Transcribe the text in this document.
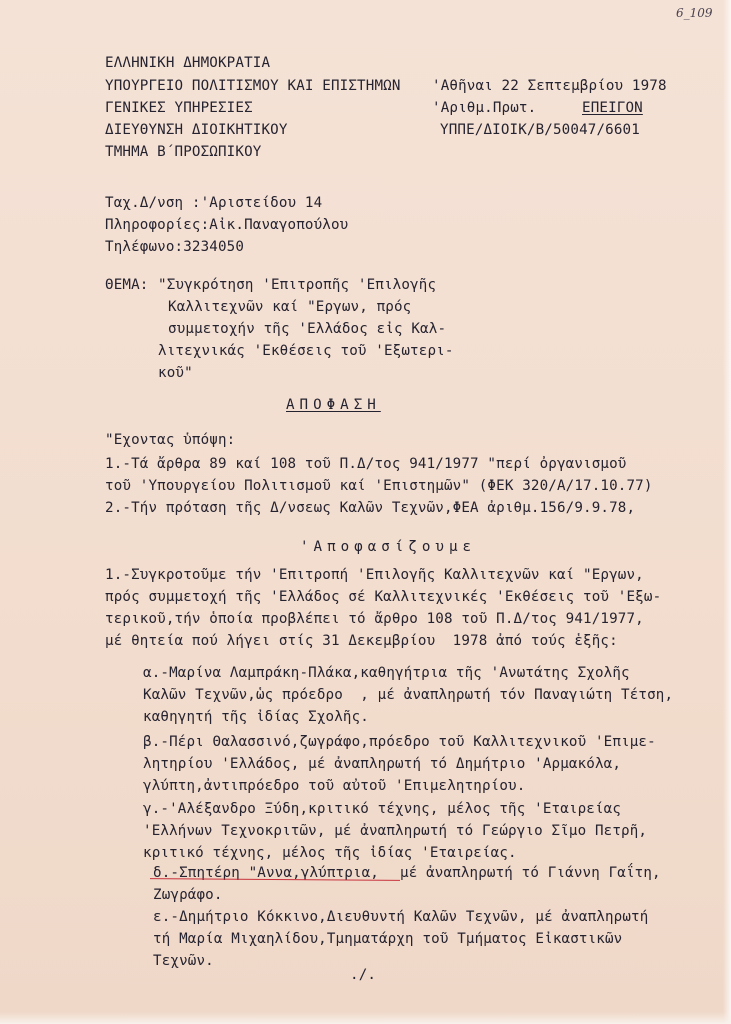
6_109
ΕΛΛΗΝΙΚΗ ΔΗΜΟΚΡΑΤΙΑ
ΥΠΟΥΡΓΕΙΟ ΠΟΛΙΤΙΣΜΟΥ ΚΑΙ ΕΠΙΣΤΗΜΩΝ
ΓΕΝΙΚΕΣ ΥΠΗΡΕΣΙΕΣ
ΔΙΕΥΘΥΝΣΗ ΔΙΟΙΚΗΤΙΚΟΥ
ΤΜΗΜΑ Β΄ΠΡΟΣΩΠΙΚΟΥ
'Αθῆναι 22 Σεπτεμβρίου 1978
'Αριθμ.Πρωτ.	ΕΠΕΙΓΟΝ
ΥΠΠΕ/ΔΙΟΙΚ/Β/50047/6601
Ταχ.Δ/νση :'Αριστείδου 14
Πληροφορίες:Αἰκ.Παναγοπούλου
Τηλέφωνο:3234050
ΘΕΜΑ: "Συγκρότηση 'Επιτροπῆς 'Επιλογῆς
Καλλιτεχνῶν καί "Εργων, πρός
συμμετοχήν τῆς 'Ελλάδος εἰς Καλ-
λιτεχνικάς 'Εκθέσεις τοῦ 'Εξωτερι-
κοῦ"
ΑΠΟΦΑΣΗ
"Εχοντας ὑπόψη:
1.-Τά ἄρθρα 89 καί 108 τοῦ Π.Δ/τος 941/1977 "περί ὀργανισμοῦ
τοῦ 'Υπουργείου Πολιτισμοῦ καί 'Επιστημῶν" (ΦΕΚ 320/Α/17.10.77)
2.-Τήν πρόταση τῆς Δ/νσεως Καλῶν Τεχνῶν,ΦΕΑ ἀριθμ.156/9.9.78,
'Αποφασίζουμε
1.-Συγκροτοῦμε τήν 'Επιτροπή 'Επιλογῆς Καλλιτεχνῶν καί "Εργων,
πρός συμμετοχή τῆς 'Ελλάδος σέ Καλλιτεχνικές 'Εκθέσεις τοῦ 'Εξω-
τερικοῦ,τήν ὁποία προβλέπει τό ἄρθρο 108 τοῦ Π.Δ/τος 941/1977,
μέ θητεία πού λήγει στίς 31 Δεκεμβρίου  1978 ἀπό τούς ἑξῆς:
α.-Μαρίνα Λαμπράκη-Πλάκα,καθηγήτρια τῆς 'Ανωτάτης Σχολῆς
Καλῶν Τεχνῶν,ὡς πρόεδρο  , μέ ἀναπληρωτή τόν Παναγιώτη Τέτση,
καθηγητή τῆς ἰδίας Σχολῆς.
β.-Πέρι Θαλασσινό,ζωγράφο,πρόεδρο τοῦ Καλλιτεχνικοῦ 'Επιμε-
λητηρίου 'Ελλάδος, μέ ἀναπληρωτή τό Δημήτριο 'Αρμακόλα,
γλύπτη,ἀντιπρόεδρο τοῦ αὐτοῦ 'Επιμελητηρίου.
γ.-'Αλέξανδρο Ξύδη,κριτικό τέχνης, μέλος τῆς 'Εταιρείας
'Ελλήνων Τεχνοκριτῶν, μέ ἀναπληρωτή τό Γεώργιο Σῖμο Πετρῆ,
κριτικό τέχνης, μέλος τῆς ἰδίας 'Εταιρείας.
δ.-Σπητέρη "Αννα,γλύπτρια, μέ ἀναπληρωτή τό Γιάννη Γαΐτη,
Ζωγράφο.
ε.-Δημήτριο Κόκκινο,Διευθυντή Καλῶν Τεχνῶν, μέ ἀναπληρωτή
τή Μαρία Μιχαηλίδου,Τμηματάρχη τοῦ Τμήματος Εἰκαστικῶν
Τεχνῶν.
./.
